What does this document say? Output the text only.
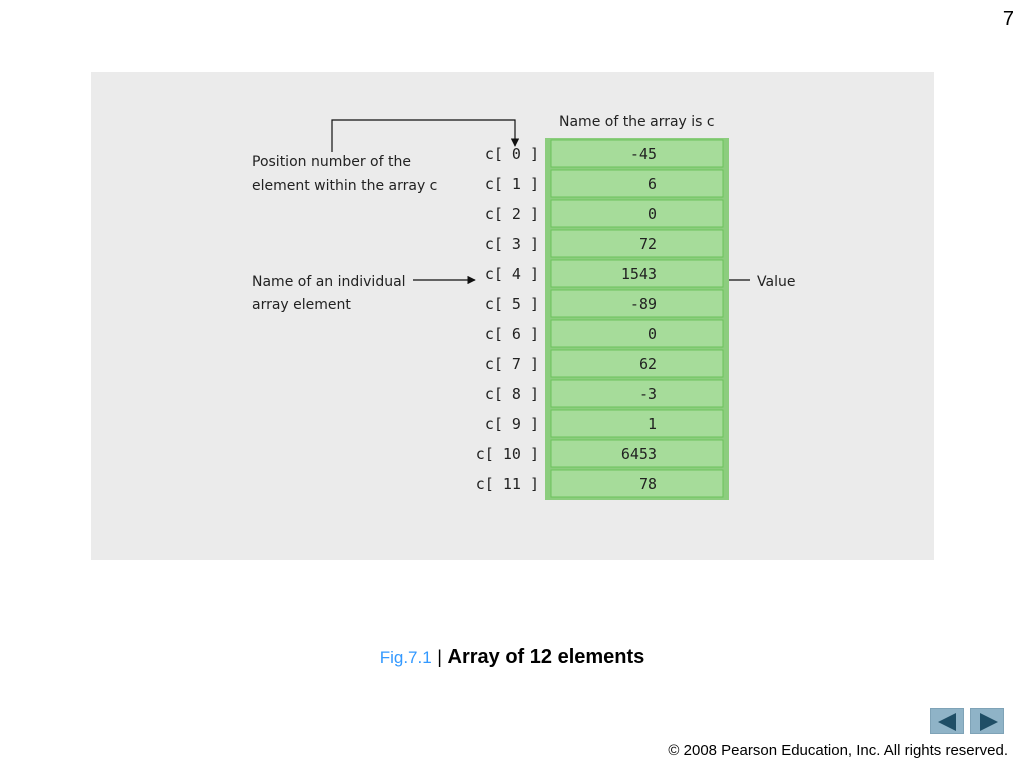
7
Name of the array is c
Position number of the
element within the array c
Name of an individual
array element
Value
-45
c[ 0 ]
6
c[ 1 ]
0
c[ 2 ]
72
c[ 3 ]
1543
c[ 4 ]
-89
c[ 5 ]
0
c[ 6 ]
62
c[ 7 ]
-3
c[ 8 ]
1
c[ 9 ]
6453
c[ 10 ]
78
c[ 11 ]
Fig.7.1 | Array of 12 elements
© 2008 Pearson Education, Inc. All rights reserved.
